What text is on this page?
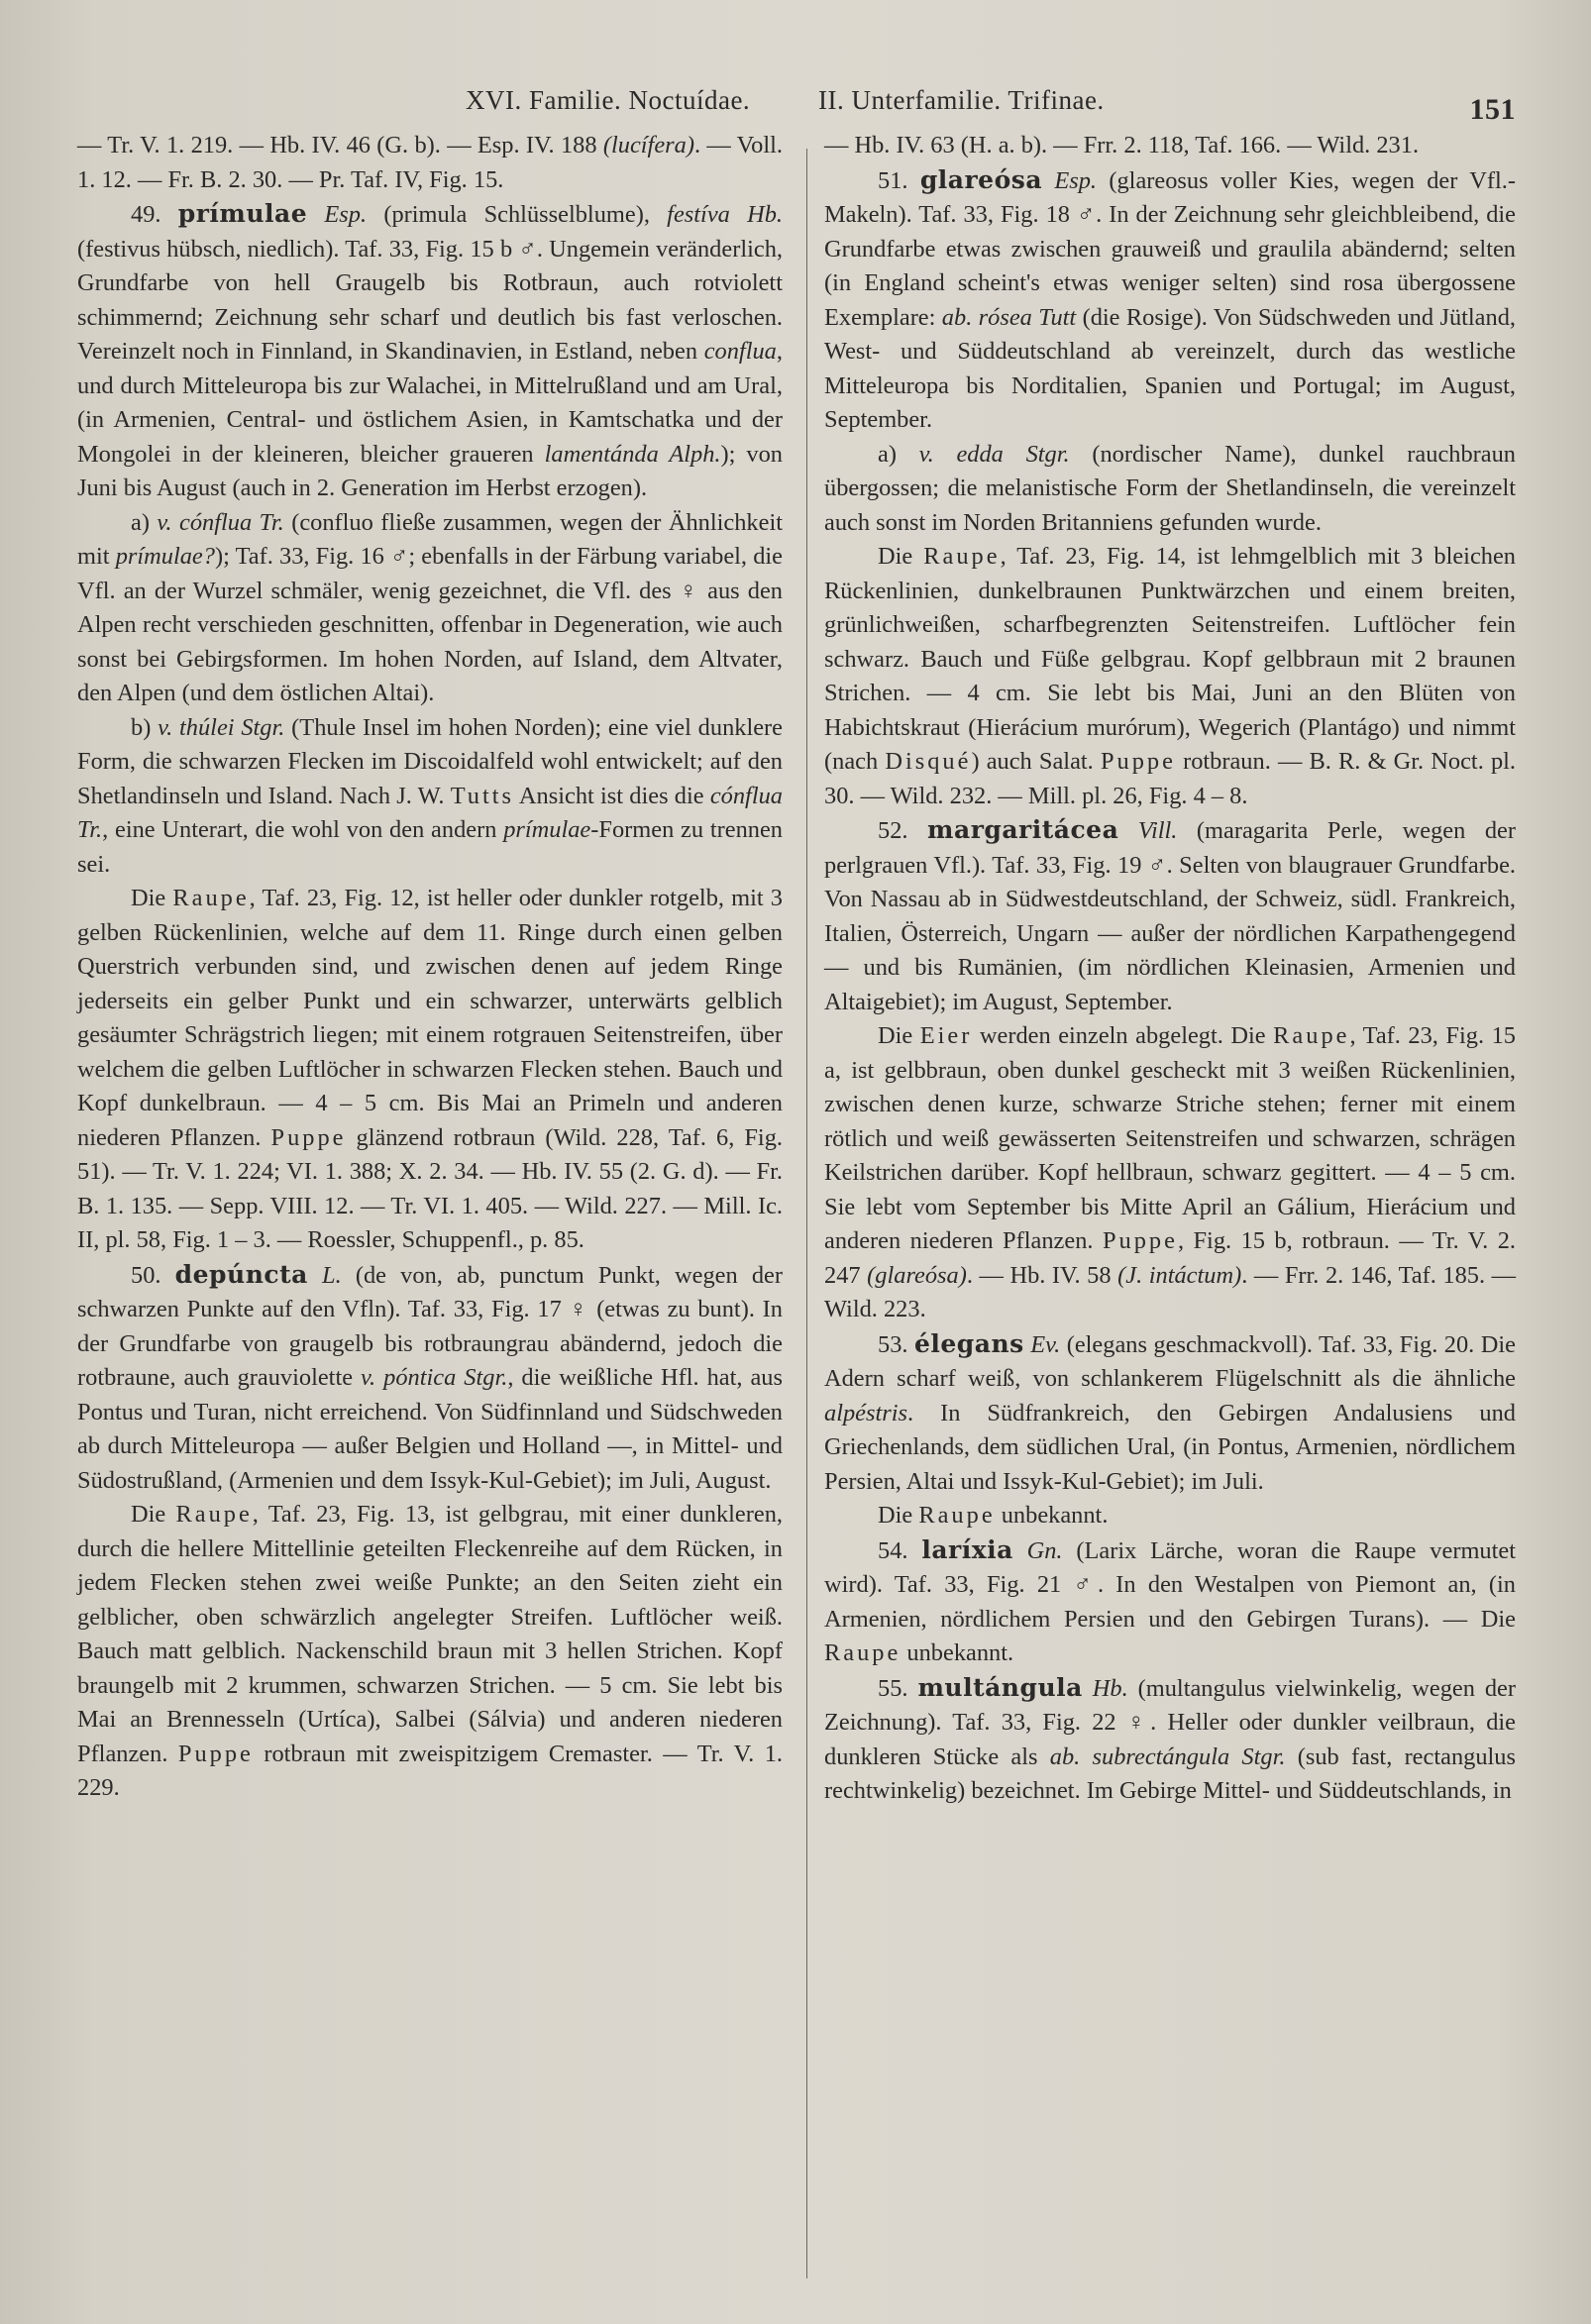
XVI. Familie. Noctuídae.	II. Unterfamilie. Trifinae.	151

— Tr. V. 1. 219. — Hb. IV. 46 (G. b). — Esp. IV. 188 (lucífera). — Voll. 1. 12. — Fr. B. 2. 30. — Pr. Taf. IV, Fig. 15.

49. prímulae Esp. (primula Schlüsselblume), festíva Hb. (festivus hübsch, niedlich). Taf. 33, Fig. 15 b ♂. Ungemein veränderlich, Grundfarbe von hell Graugelb bis Rotbraun, auch rotviolett schimmernd; Zeichnung sehr scharf und deutlich bis fast verloschen. Vereinzelt noch in Finnland, in Skandinavien, in Estland, neben conflua, und durch Mitteleuropa bis zur Walachei, in Mittelrußland und am Ural, (in Armenien, Central- und östlichem Asien, in Kamtschatka und der Mongolei in der kleineren, bleicher graueren lamentánda Alph.); von Juni bis August (auch in 2. Generation im Herbst erzogen).

a) v. cónflua Tr. (confluo fließe zusammen, wegen der Ähnlichkeit mit prímulae?); Taf. 33, Fig. 16 ♂; ebenfalls in der Färbung variabel, die Vfl. an der Wurzel schmäler, wenig gezeichnet, die Vfl. des ♀ aus den Alpen recht verschieden geschnitten, offenbar in Degeneration, wie auch sonst bei Gebirgsformen. Im hohen Norden, auf Island, dem Altvater, den Alpen (und dem östlichen Altai).

b) v. thúlei Stgr. (Thule Insel im hohen Norden); eine viel dunklere Form, die schwarzen Flecken im Discoidalfeld wohl entwickelt; auf den Shetlandinseln und Island. Nach J. W. Tutts Ansicht ist dies die cónflua Tr., eine Unterart, die wohl von den andern prímulae-Formen zu trennen sei.

Die Raupe, Taf. 23, Fig. 12, ist heller oder dunkler rotgelb, mit 3 gelben Rückenlinien, welche auf dem 11. Ringe durch einen gelben Querstrich verbunden sind, und zwischen denen auf jedem Ringe jederseits ein gelber Punkt und ein schwarzer, unterwärts gelblich gesäumter Schrägstrich liegen; mit einem rotgrauen Seitenstreifen, über welchem die gelben Luftlöcher in schwarzen Flecken stehen. Bauch und Kopf dunkelbraun. — 4 – 5 cm. Bis Mai an Primeln und anderen niederen Pflanzen. Puppe glänzend rotbraun (Wild. 228, Taf. 6, Fig. 51). — Tr. V. 1. 224; VI. 1. 388; X. 2. 34. — Hb. IV. 55 (2. G. d). — Fr. B. 1. 135. — Sepp. VIII. 12. — Tr. VI. 1. 405. — Wild. 227. — Mill. Ic. II, pl. 58, Fig. 1 – 3. — Roessler, Schuppenfl., p. 85.

50. depúncta L. (de von, ab, punctum Punkt, wegen der schwarzen Punkte auf den Vfln). Taf. 33, Fig. 17 ♀ (etwas zu bunt). In der Grundfarbe von graugelb bis rotbraungrau abändernd, jedoch die rotbraune, auch grauviolette v. póntica Stgr., die weißliche Hfl. hat, aus Pontus und Turan, nicht erreichend. Von Südfinnland und Südschweden ab durch Mitteleuropa — außer Belgien und Holland —, in Mittel- und Südostrußland, (Armenien und dem Issyk-Kul-Gebiet); im Juli, August.

Die Raupe, Taf. 23, Fig. 13, ist gelbgrau, mit einer dunkleren, durch die hellere Mittellinie geteilten Fleckenreihe auf dem Rücken, in jedem Flecken stehen zwei weiße Punkte; an den Seiten zieht ein gelblicher, oben schwärzlich angelegter Streifen. Luftlöcher weiß. Bauch matt gelblich. Nackenschild braun mit 3 hellen Strichen. Kopf braungelb mit 2 krummen, schwarzen Strichen. — 5 cm. Sie lebt bis Mai an Brennesseln (Urtíca), Salbei (Sálvia) und anderen niederen Pflanzen. Puppe rotbraun mit zweispitzigem Cremaster. — Tr. V. 1. 229.

— Hb. IV. 63 (H. a. b). — Frr. 2. 118, Taf. 166. — Wild. 231.

51. glareósa Esp. (glareosus voller Kies, wegen der Vfl.-Makeln). Taf. 33, Fig. 18 ♂. In der Zeichnung sehr gleichbleibend, die Grundfarbe etwas zwischen grauweiß und graulila abändernd; selten (in England scheint's etwas weniger selten) sind rosa übergossene Exemplare: ab. rósea Tutt (die Rosige). Von Südschweden und Jütland, West- und Süddeutschland ab vereinzelt, durch das westliche Mitteleuropa bis Norditalien, Spanien und Portugal; im August, September.

a) v. edda Stgr. (nordischer Name), dunkel rauchbraun übergossen; die melanistische Form der Shetlandinseln, die vereinzelt auch sonst im Norden Britanniens gefunden wurde.

Die Raupe, Taf. 23, Fig. 14, ist lehmgelblich mit 3 bleichen Rückenlinien, dunkelbraunen Punktwärzchen und einem breiten, grünlichweißen, scharfbegrenzten Seitenstreifen. Luftlöcher fein schwarz. Bauch und Füße gelbgrau. Kopf gelbbraun mit 2 braunen Strichen. — 4 cm. Sie lebt bis Mai, Juni an den Blüten von Habichtskraut (Hierácium murórum), Wegerich (Plantágo) und nimmt (nach Disqué) auch Salat. Puppe rotbraun. — B. R. & Gr. Noct. pl. 30. — Wild. 232. — Mill. pl. 26, Fig. 4 – 8.

52. margaritácea Vill. (maragarita Perle, wegen der perlgrauen Vfl.). Taf. 33, Fig. 19 ♂. Selten von blaugrauer Grundfarbe. Von Nassau ab in Südwestdeutschland, der Schweiz, südl. Frankreich, Italien, Österreich, Ungarn — außer der nördlichen Karpathengegend — und bis Rumänien, (im nördlichen Kleinasien, Armenien und Altaigebiet); im August, September.

Die Eier werden einzeln abgelegt. Die Raupe, Taf. 23, Fig. 15 a, ist gelbbraun, oben dunkel gescheckt mit 3 weißen Rückenlinien, zwischen denen kurze, schwarze Striche stehen; ferner mit einem rötlich und weiß gewässerten Seitenstreifen und schwarzen, schrägen Keilstrichen darüber. Kopf hellbraun, schwarz gegittert. — 4 – 5 cm. Sie lebt vom September bis Mitte April an Gálium, Hierácium und anderen niederen Pflanzen. Puppe, Fig. 15 b, rotbraun. — Tr. V. 2. 247 (glareósa). — Hb. IV. 58 (J. intáctum). — Frr. 2. 146, Taf. 185. — Wild. 223.

53. élegans Ev. (elegans geschmackvoll). Taf. 33, Fig. 20. Die Adern scharf weiß, von schlankerem Flügelschnitt als die ähnliche alpéstris. In Südfrankreich, den Gebirgen Andalusiens und Griechenlands, dem südlichen Ural, (in Pontus, Armenien, nördlichem Persien, Altai und Issyk-Kul-Gebiet); im Juli.

Die Raupe unbekannt.

54. laríxia Gn. (Larix Lärche, woran die Raupe vermutet wird). Taf. 33, Fig. 21 ♂. In den Westalpen von Piemont an, (in Armenien, nördlichem Persien und den Gebirgen Turans). — Die Raupe unbekannt.

55. multángula Hb. (multangulus vielwinkelig, wegen der Zeichnung). Taf. 33, Fig. 22 ♀. Heller oder dunkler veilbraun, die dunkleren Stücke als ab. subrectángula Stgr. (sub fast, rectangulus rechtwinkelig) bezeichnet. Im Gebirge Mittel- und Süddeutschlands, in
